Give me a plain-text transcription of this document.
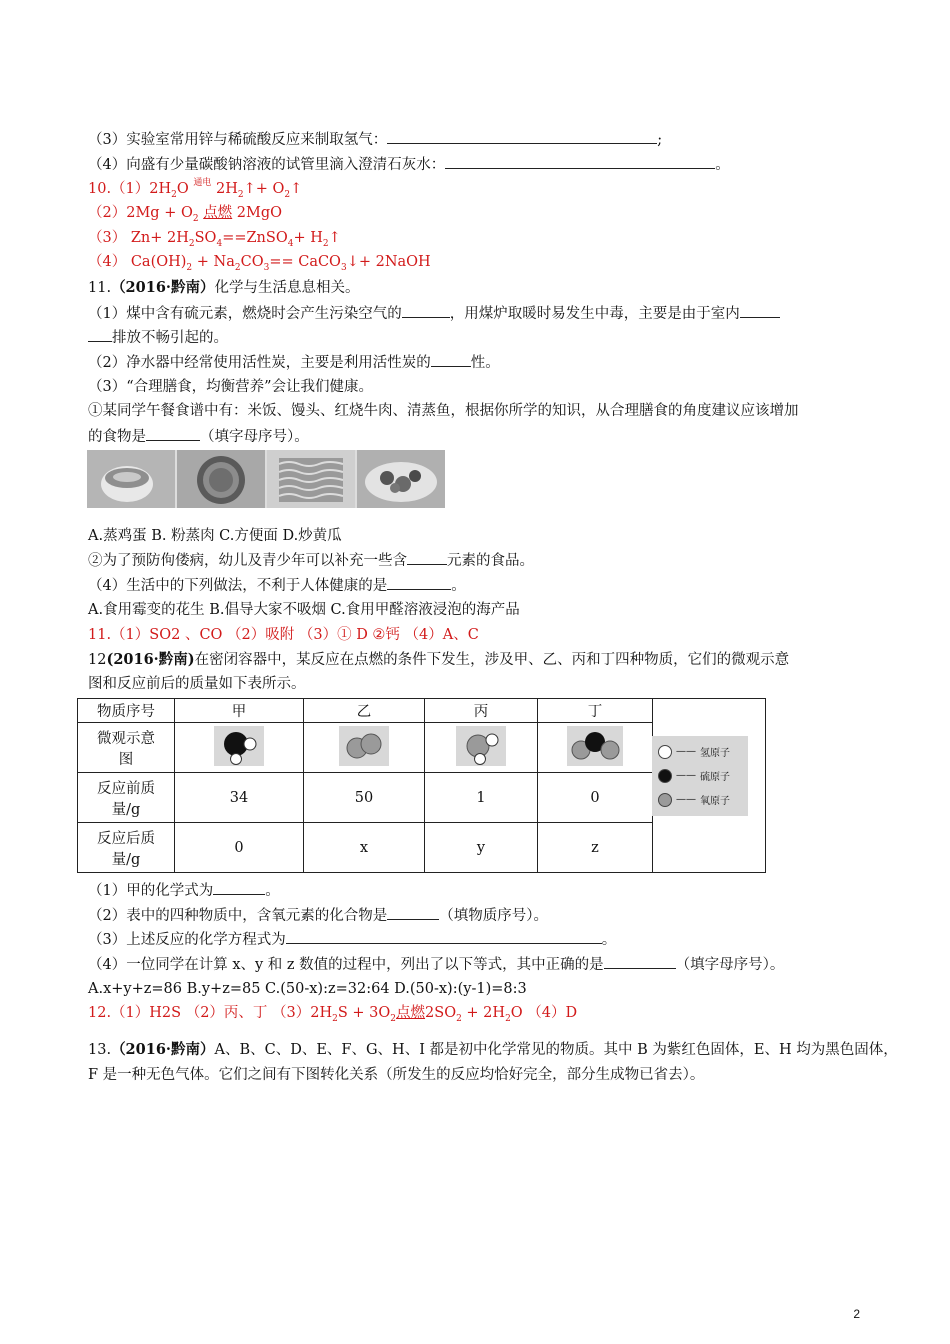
（3）实验室常用锌与稀硫酸反应来制取氢气：	;
（4）向盛有少量碳酸钠溶液的试管里滴入澄清石灰水：	。
$10.(1)2H_2O$ $^{通电}$ $2H_2↑+$ $O_2↑$
$(2)2Mg + O_2$ 点燃 2MgO
（3） $Zn+ 2H_2SO_4==ZnSO_4+$ $H_2↑$
（4） $Ca(OH)_2 + Na_2CO_3==$ CaCO$_3$↓+ 2NaOH
11.（2016·黔南）化学与生活息息相关。
（1）煤中含有硫元素，燃烧时会产生污染空气的	，用煤炉取暖时易发生中毒，主要是由于室内
排放不畅引起的。
（2）净水器中经常使用活性炭，主要是利用活性炭的	性。
（3）“合理膳食，均衡营养”会让我们健康。
①某同学午餐食谱中有：米饭、馒头、红烧牛肉、清蒸鱼，根据你所学的知识，从合理膳食的角度建议应该增加
的食物是	（填字母序号）。
A.蒸鸡蛋 B. 粉蒸肉 C.方便面 D.炒黄瓜
②为了预防佝偻病，幼儿及青少年可以补充一些含	元素的食品。
（4）生活中的下列做法，不利于人体健康的是	。
A.食用霉变的花生 B.倡导大家不吸烟 C.食用甲醛溶液浸泡的海产品
11.（1）SO2 、CO （2）吸附 （3）① D ②钙 （4）A、C
12(2016·黔南)在密闭容器中，某反应在点燃的条件下发生，涉及甲、乙、丙和丁四种物质，它们的微观示意
图和反应前后的质量如下表所示。
物质序号	甲	乙	丙	丁	
微观示意
图				
反应前质
量/g	34	50	1	0	
反应后质
量/g	0	x	y	z	
—— 氢原子
—— 硫原子
—— 氧原子
（1）甲的化学式为	。
（2）表中的四种物质中，含氧元素的化合物是	（填物质序号）。
（3）上述反应的化学方程式为	。
（4）一位同学在计算 x、y 和 z 数值的过程中，列出了以下等式，其中正确的是	（填字母序号）。
A.x+y+z=86 B.y+z=85 C.(50-x):z=32:64 D.(50-x):(y-1)=8:3
12.（1）H2S （2）丙、丁 $(3)2H_2S + 3O_2$点燃$2SO_2 + 2H_2O$ （4）D
13.（2016·黔南）A、B、C、D、E、F、G、H、I 都是初中化学常见的物质。其中 B 为紫红色固体，E、H 均为黑色固体，
F 是一种无色气体。它们之间有下图转化关系（所发生的反应均恰好完全，部分生成物已省去）。
2
